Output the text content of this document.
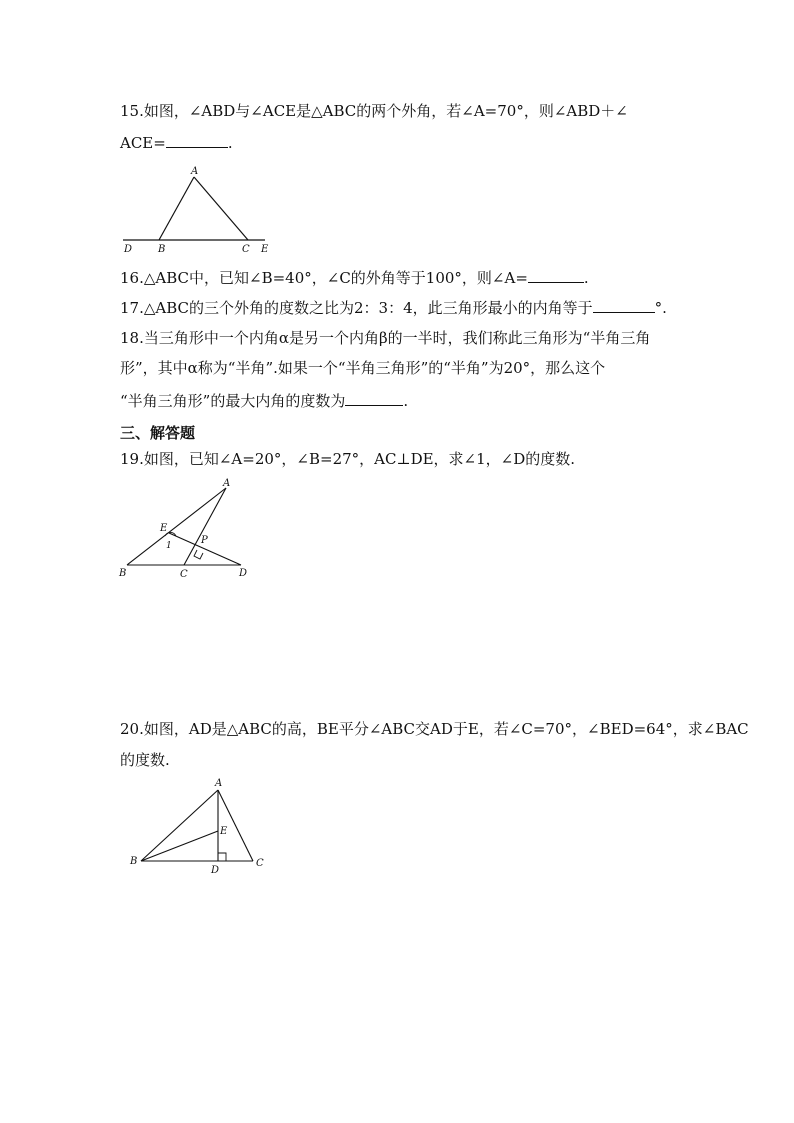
15.如图，∠ABD与∠ACE是△ABC的两个外角，若∠A=70°，则∠ABD＋∠
ACE=	.
A
D	B	C E
16.△ABC中，已知∠B=40°，∠C的外角等于100°，则∠A=	.
17.△ABC的三个外角的度数之比为2：3：4，此三角形最小的内角等于	°.
18.当三角形中一个内角α是另一个内角β的一半时，我们称此三角形为“半角三角
形”，其中α称为“半角”.如果一个“半角三角形”的“半角”为20°，那么这个
“半角三角形”的最大内角的度数为	.
三、解答题
19.如图，已知∠A=20°，∠B=27°，AC⊥DE，求∠1，∠D的度数.
A
E
1	P
B	C	D
20.如图，AD是△ABC的高，BE平分∠ABC交AD于E，若∠C=70°，∠BED=64°，求∠BAC
的度数.
A
E
B
D
C
